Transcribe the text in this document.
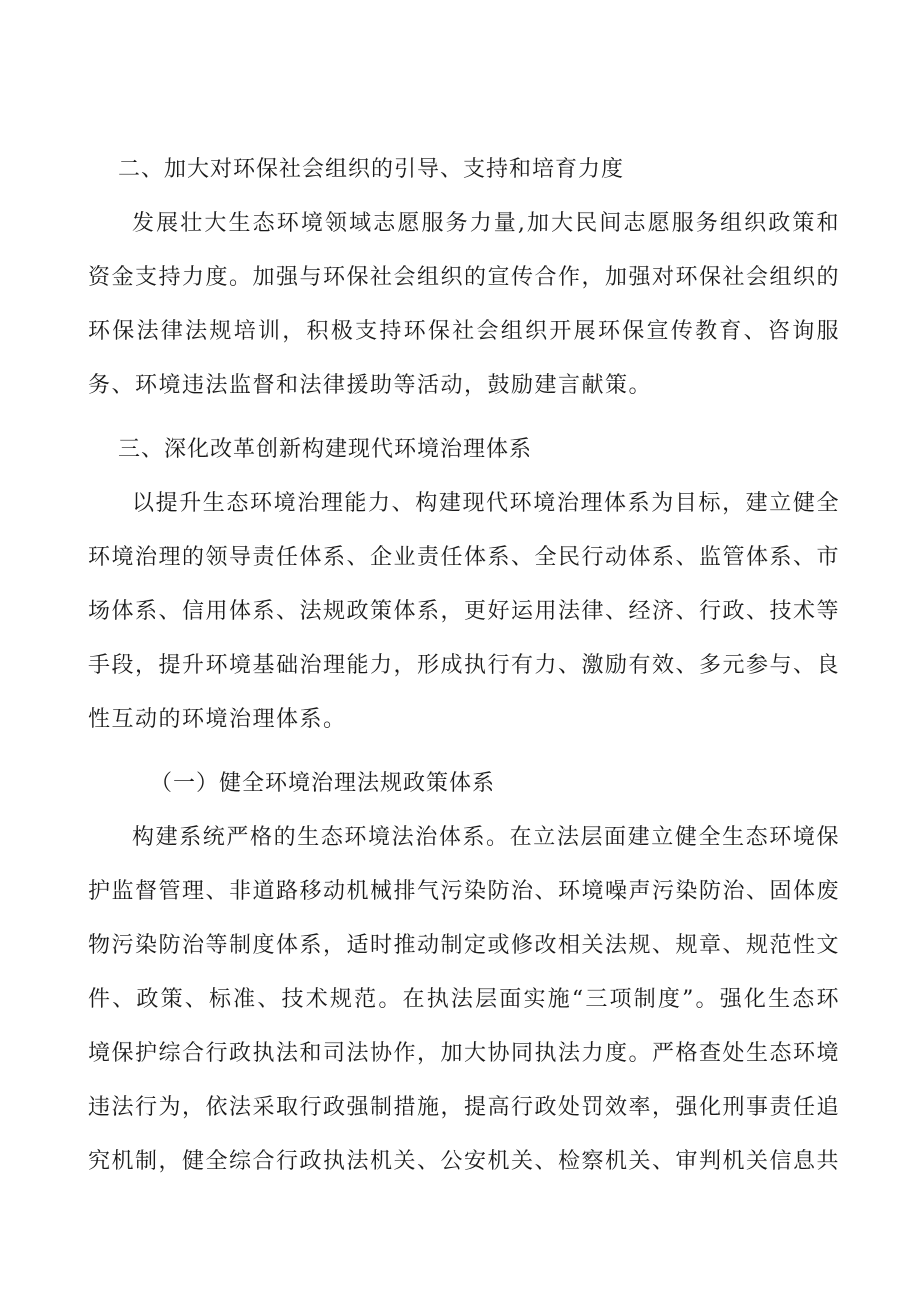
二、加大对环保社会组织的引导、支持和培育力度

发展壮大生态环境领域志愿服务力量,加大民间志愿服务组织政策和资金支持力度。加强与环保社会组织的宣传合作，加强对环保社会组织的环保法律法规培训，积极支持环保社会组织开展环保宣传教育、咨询服务、环境违法监督和法律援助等活动，鼓励建言献策。

三、深化改革创新构建现代环境治理体系

以提升生态环境治理能力、构建现代环境治理体系为目标，建立健全环境治理的领导责任体系、企业责任体系、全民行动体系、监管体系、市场体系、信用体系、法规政策体系，更好运用法律、经济、行政、技术等手段，提升环境基础治理能力，形成执行有力、激励有效、多元参与、良性互动的环境治理体系。

（一）健全环境治理法规政策体系

构建系统严格的生态环境法治体系。在立法层面建立健全生态环境保护监督管理、非道路移动机械排气污染防治、环境噪声污染防治、固体废物污染防治等制度体系，适时推动制定或修改相关法规、规章、规范性文件、政策、标准、技术规范。在执法层面实施“三项制度”。强化生态环境保护综合行政执法和司法协作，加大协同执法力度。严格查处生态环境违法行为，依法采取行政强制措施，提高行政处罚效率，强化刑事责任追究机制，健全综合行政执法机关、公安机关、检察机关、审判机关信息共
